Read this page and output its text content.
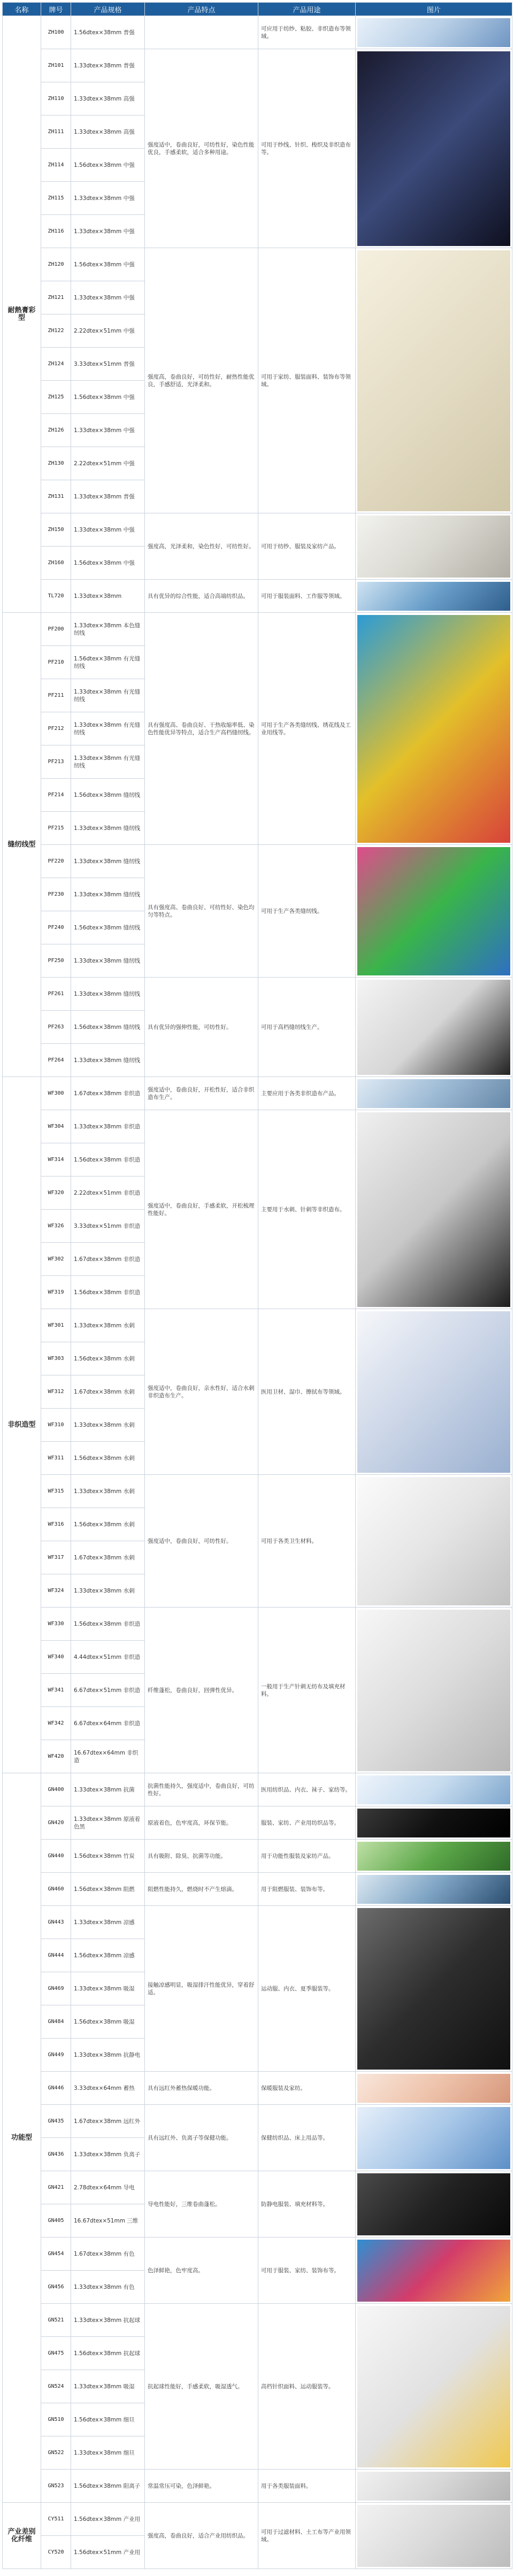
名称	牌号	产品规格	产品特点	产品用途	图片
耐熱膏彩型	ZH100	1.56dtex×38mm 普强		可应用于纺纱、粘胶、非织造布等领域。	

	ZH101	1.33dtex×38mm 普强	强度适中，卷曲良好，可纺性好，染色性能优良，手感柔软，适合多种用途。	可用于纱线、针织、梭织及非织造布等。	

	ZH110	1.33dtex×38mm 高强			
	ZH111	1.33dtex×38mm 高强			
	ZH114	1.56dtex×38mm 中强			
	ZH115	1.33dtex×38mm 中强			
	ZH116	1.33dtex×38mm 中强			
	ZH120	1.56dtex×38mm 中强	强度高，卷曲良好，可纺性好，耐热性能优良，手感舒适，光泽柔和。	可用于家纺、服装面料、装饰布等领域。	

	ZH121	1.33dtex×38mm 中强			
	ZH122	2.22dtex×51mm 中强			
	ZH124	3.33dtex×51mm 普强			
	ZH125	1.56dtex×38mm 中强			
	ZH126	1.33dtex×38mm 中强			
	ZH130	2.22dtex×51mm 中强			
	ZH131	1.33dtex×38mm 普强			
	ZH150	1.33dtex×38mm 中强	强度高，光泽柔和，染色性好，可纺性好。	可用于纺纱、服装及家纺产品。	

	ZH160	1.56dtex×38mm 中强			
	TL720	1.33dtex×38mm	具有优异的综合性能，适合高端纺织品。	可用于服装面料、工作服等领域。	

缝纫线型	PF200	1.33dtex×38mm 本色缝纫线	具有强度高、卷曲良好、干热收缩率低、染色性能优异等特点，适合生产高档缝纫线。	可用于生产各类缝纫线、绣花线及工业用线等。	

	PF210	1.56dtex×38mm 有光缝纫线			
	PF211	1.33dtex×38mm 有光缝纫线			
	PF212	1.33dtex×38mm 有光缝纫线			
	PF213	1.33dtex×38mm 有光缝纫线			
	PF214	1.56dtex×38mm 缝纫线			
	PF215	1.33dtex×38mm 缝纫线			
	PF220	1.33dtex×38mm 缝纫线	具有强度高、卷曲良好、可纺性好、染色均匀等特点。	可用于生产各类缝纫线。	

	PF230	1.33dtex×38mm 缝纫线			
	PF240	1.56dtex×38mm 缝纫线			
	PF250	1.33dtex×38mm 缝纫线			
	PF261	1.33dtex×38mm 缝纫线	具有优异的强伸性能，可纺性好。	可用于高档缝纫线生产。	

	PF263	1.56dtex×38mm 缝纫线			
	PF264	1.33dtex×38mm 缝纫线			
非织造型	WF300	1.67dtex×38mm 非织造	强度适中，卷曲良好，开松性好，适合非织造布生产。	主要应用于各类非织造布产品。	

	WF304	1.33dtex×38mm 非织造	强度适中，卷曲良好，手感柔软，开松梳理性能好。	主要用于水刺、针刺等非织造布。	

	WF314	1.56dtex×38mm 非织造			
	WF320	2.22dtex×51mm 非织造			
	WF326	3.33dtex×51mm 非织造			
	WF302	1.67dtex×38mm 非织造			
	WF319	1.56dtex×38mm 非织造			
	WF301	1.33dtex×38mm 水刺	强度适中，卷曲良好，亲水性好，适合水刺非织造布生产。	医用卫材、湿巾、擦拭布等领域。	

	WF303	1.56dtex×38mm 水刺			
	WF312	1.67dtex×38mm 水刺			
	WF310	1.33dtex×38mm 水刺			
	WF311	1.56dtex×38mm 水刺			
	WF315	1.33dtex×38mm 水刺	强度适中，卷曲良好，可纺性好。	可用于各类卫生材料。	

	WF316	1.56dtex×38mm 水刺			
	WF317	1.67dtex×38mm 水刺			
	WF324	1.33dtex×38mm 水刺			
	WF330	1.56dtex×38mm 非织造	纤维蓬松，卷曲良好，回弹性优异。	一般用于生产针刺无纺布及填充材料。	

	WF340	4.44dtex×51mm 非织造			
	WF341	6.67dtex×51mm 非织造			
	WF342	6.67dtex×64mm 非织造			
	WF420	16.67dtex×64mm 非织造			
功能型	GN400	1.33dtex×38mm 抗菌	抗菌性能持久，强度适中，卷曲良好，可纺性好。	医用纺织品、内衣、袜子、家纺等。	

	GN420	1.33dtex×38mm 原液着色黑	原液着色，色牢度高，环保节能。	服装、家纺、产业用纺织品等。	

	GN440	1.56dtex×38mm 竹炭	具有吸附、除臭、抗菌等功能。	用于功能性服装及家纺产品。	

	GN460	1.56dtex×38mm 阻燃	阻燃性能持久，燃烧时不产生熔滴。	用于阻燃服装、装饰布等。	

	GN443	1.33dtex×38mm 凉感	接触凉感明显，吸湿排汗性能优异，穿着舒适。	运动服、内衣、夏季服装等。	

	GN444	1.56dtex×38mm 凉感			
	GN469	1.33dtex×38mm 吸湿			
	GN484	1.56dtex×38mm 吸湿			
	GN449	1.33dtex×38mm 抗静电			
	GN446	3.33dtex×64mm 蓄热	具有远红外蓄热保暖功能。	保暖服装及家纺。	

	GN435	1.67dtex×38mm 远红外	具有远红外、负离子等保健功能。	保健纺织品、床上用品等。	

	GN436	1.33dtex×38mm 负离子			
	GN421	2.78dtex×64mm 导电	导电性能好，三维卷曲蓬松。	防静电服装、填充材料等。	

	GN405	16.67dtex×51mm 三维			
	GN454	1.67dtex×38mm 有色	色泽鲜艳，色牢度高。	可用于服装、家纺、装饰布等。	

	GN456	1.33dtex×38mm 有色			
	GN521	1.33dtex×38mm 抗起球	抗起球性能好，手感柔软，吸湿透气。	高档针织面料、运动服装等。	

	GN475	1.56dtex×38mm 抗起球			
	GN524	1.33dtex×38mm 吸湿			
	GN510	1.56dtex×38mm 细旦			
	GN522	1.33dtex×38mm 细旦			
	GN523	1.56dtex×38mm 阳离子	常温常压可染，色泽鲜艳。	用于各类服装面料。	

产业差别化纤维	CY511	1.56dtex×38mm 产业用	强度高，卷曲良好，适合产业用纺织品。	可用于过滤材料、土工布等产业用领域。	

	CY520	1.56dtex×51mm 产业用			
